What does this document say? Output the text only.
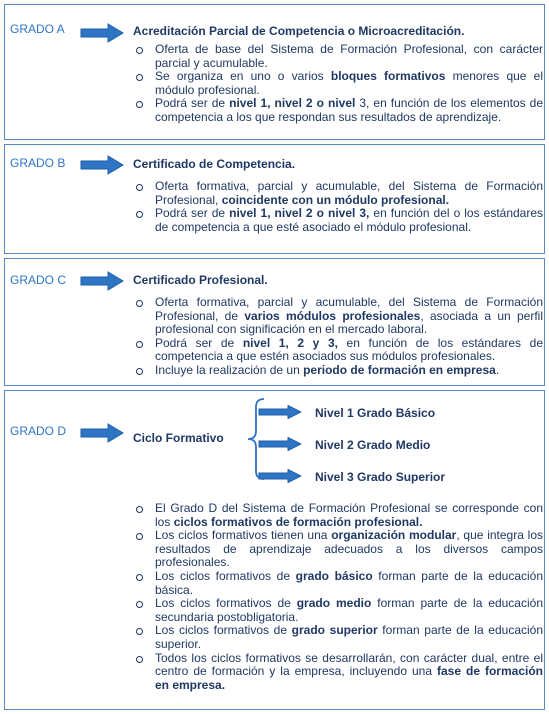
GRADO A	Acreditación Parcial de Competencia o Microacreditación.
Oferta de base del Sistema de Formación Profesional, con carácter parcial y acumulable.
Se organiza en uno o varios bloques formativos menores que el módulo profesional.
Podrá ser de nivel 1, nivel 2 o nivel 3, en función de los elementos de competencia a los que respondan sus resultados de aprendizaje.
GRADO B	Certificado de Competencia.
Oferta formativa, parcial y acumulable, del Sistema de Formación Profesional, coincidente con un módulo profesional.
Podrá ser de nivel 1, nivel 2 o nivel 3, en función del o los estándares de competencia a que esté asociado el módulo profesional.
GRADO C	Certificado Profesional.
Oferta formativa, parcial y acumulable, del Sistema de Formación Profesional, de varios módulos profesionales, asociada a un perfil profesional con significación en el mercado laboral.
Podrá ser de nivel 1, 2 y 3, en función de los estándares de competencia a que estén asociados sus módulos profesionales.
Incluye la realización de un periodo de formación en empresa.
GRADO D	Ciclo Formativo
Nivel 1 Grado Básico
Nivel 2 Grado Medio
Nivel 3 Grado Superior
El Grado D del Sistema de Formación Profesional se corresponde con los ciclos formativos de formación profesional.
Los ciclos formativos tienen una organización modular, que integra los resultados de aprendizaje adecuados a los diversos campos profesionales.
Los ciclos formativos de grado básico forman parte de la educación básica.
Los ciclos formativos de grado medio forman parte de la educación secundaria postobligatoria.
Los ciclos formativos de grado superior forman parte de la educación superior.
Todos los ciclos formativos se desarrollarán, con carácter dual, entre el centro de formación y la empresa, incluyendo una fase de formación en empresa.
